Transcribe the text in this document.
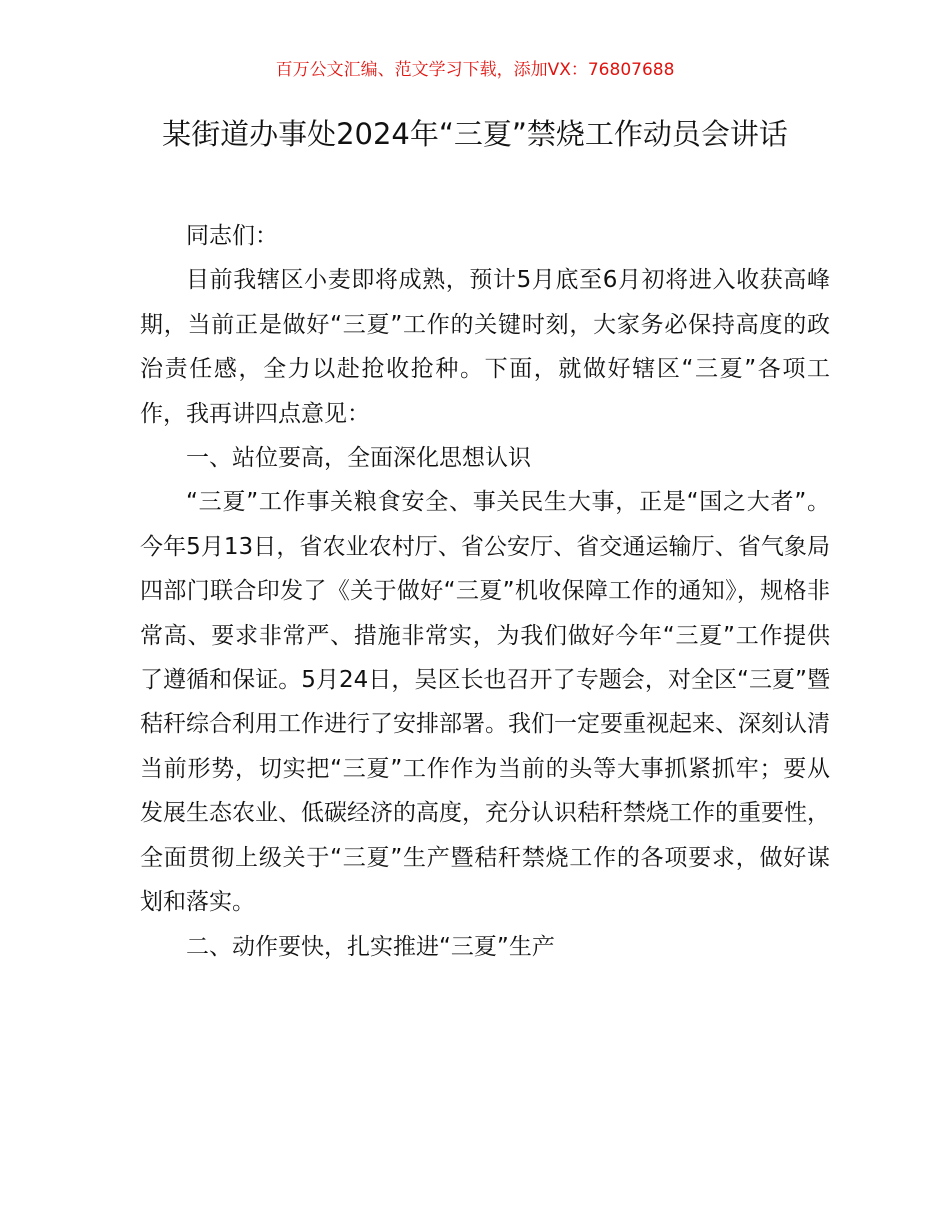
百万公文汇编、范文学习下载，添加VX：76807688
某街道办事处2024年“三夏”禁烧工作动员会讲话

同志们：

目前我辖区小麦即将成熟，预计5月底至6月初将进入收获高峰期，当前正是做好“三夏”工作的关键时刻，大家务必保持高度的政治责任感，全力以赴抢收抢种。下面，就做好辖区“三夏”各项工作，我再讲四点意见：

一、站位要高，全面深化思想认识

“三夏”工作事关粮食安全、事关民生大事，正是“国之大者”。今年5月13日，省农业农村厅、省公安厅、省交通运输厅、省气象局四部门联合印发了《关于做好“三夏”机收保障工作的通知》，规格非常高、要求非常严、措施非常实，为我们做好今年“三夏”工作提供了遵循和保证。5月24日，吴区长也召开了专题会，对全区“三夏”暨秸秆综合利用工作进行了安排部署。我们一定要重视起来、深刻认清当前形势，切实把“三夏”工作作为当前的头等大事抓紧抓牢；要从发展生态农业、低碳经济的高度，充分认识秸秆禁烧工作的重要性，全面贯彻上级关于“三夏”生产暨秸秆禁烧工作的各项要求，做好谋划和落实。

二、动作要快，扎实推进“三夏”生产
